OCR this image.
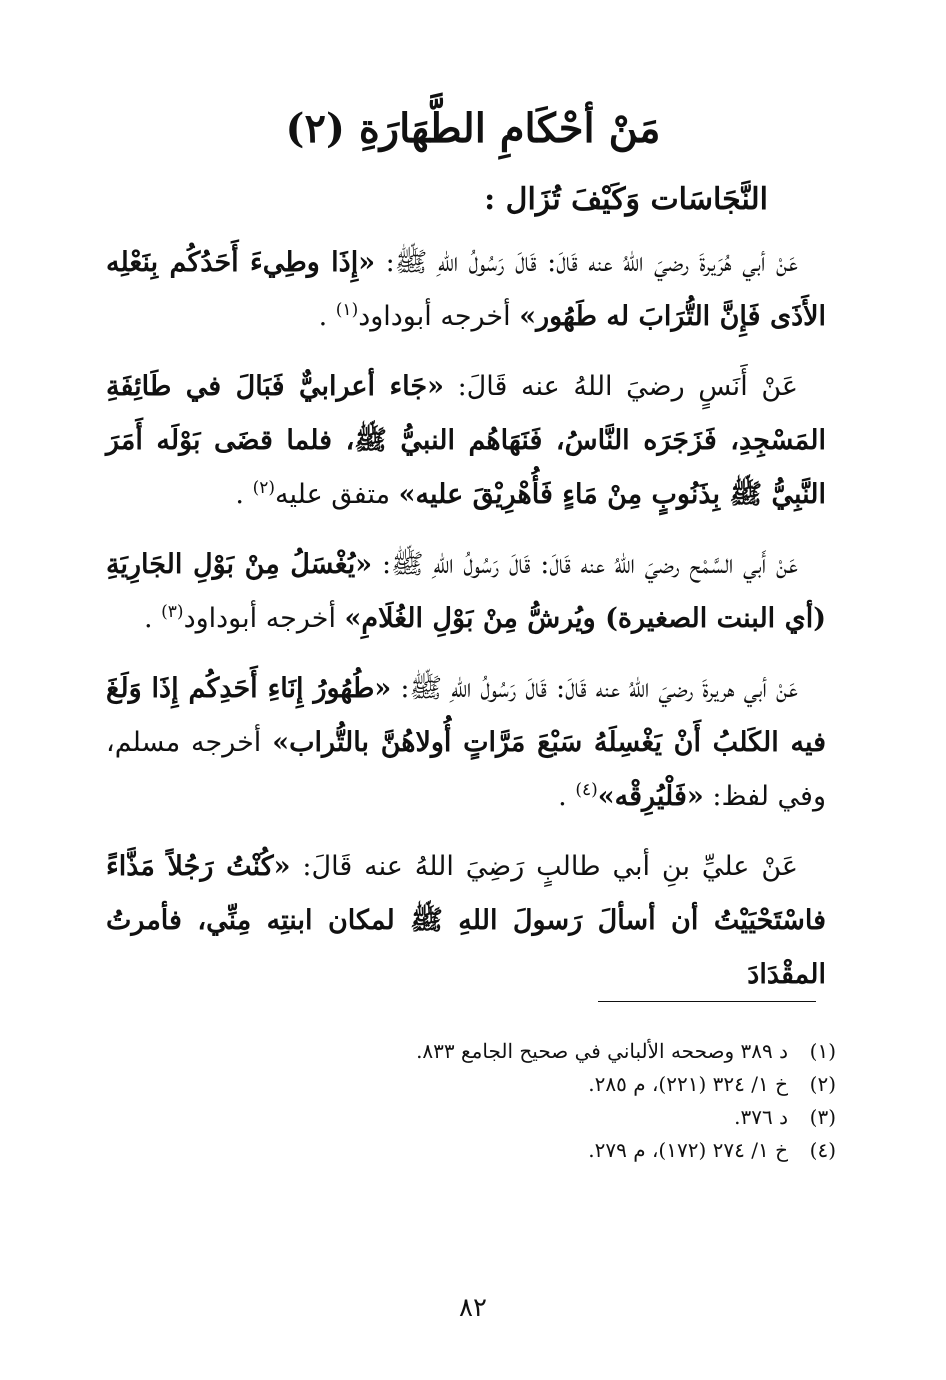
مَنْ أحْكَامِ الطَّهَارَةِ (٢)
النَّجَاسَات وَكَيْفَ تُزَال :

عَنْ أبي هُرَيرةَ رضيَ اللهُ عنه قَالَ: قَالَ رَسُولُ اللهِ ﷺ: «إِذَا وطِيءَ أَحَدُكُم بِنَعْلِه الأَذَى فَإِنَّ التُّرَابَ له طَهُور» أخرجه أبوداود$^{(١)}$ .

عَنْ أَنَسٍ رضيَ اللهُ عنه قَالَ: «جَاء أعرابيٌّ فَبَالَ في طَائِفَةِ المَسْجِدِ، فَزَجَرَه النَّاسُ، فَنَهَاهُم النبيُّ ﷺ، فلما قضَى بَوْلَه أَمَرَ النَّبِيُّ ﷺ بِذَنُوبٍ مِنْ مَاءٍ فَأُهْرِيْقَ عليه» متفق عليه$^{(٢)}$ .

عَنْ أَبي السَّمْح رضيَ اللهُ عنه قَالَ: قَالَ رَسُولُ اللهِ ﷺ: «يُغْسَلُ مِنْ بَوْلِ الجَارِيَةِ (أي البنت الصغيرة) ويُرشُّ مِنْ بَوْلِ الغُلَامِ» أخرجه أبوداود$^{(٣)}$ .

عَنْ أبي هريرةَ رضيَ اللهُ عنه قَالَ: قَالَ رَسُولُ اللهِ ﷺ: «طُهُورُ إِنَاءِ أَحَدِكُم إِذَا وَلَغَ فيه الكَلبُ أَنْ يَغْسِلَهُ سَبْعَ مَرَّاتٍ أُولاهُنَّ بالتُّراب» أخرجه مسلم، وفي لفظ: «فَلْيُرِقْه»$^{(٤)}$ .

عَنْ عليِّ بنِ أبي طالبٍ رَضِيَ اللهُ عنه قَالَ: «كُنْتُ رَجُلاً مَذَّاءً فاسْتَحْيَيْتُ أن أسألَ رَسولَ اللهِ ﷺ لمكان ابنتِه مِنِّي، فأمرتُ المقْدَادَ

(١)
د ٣٨٩ وصححه الألباني في صحيح الجامع ٨٣٣.
(٢)
خ ١/ ٣٢٤ (٢٢١)، م ٢٨٥.
(٣)
د ٣٧٦.
(٤)
خ ١/ ٢٧٤ (١٧٢)، م ٢٧٩.
٨٢
